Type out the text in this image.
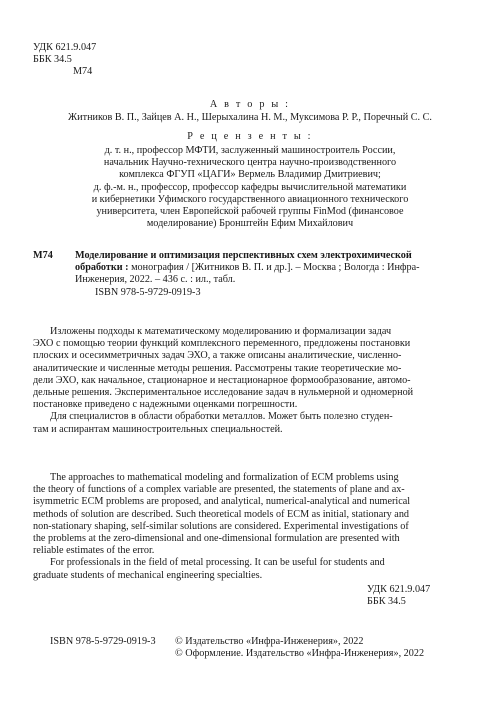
УДК 621.9.047
ББК 34.5
М74
А в т о р ы :
Житников В. П., Зайцев А. Н., Шерыхалина Н. М., Муксимова Р. Р., Поречный С. С.
Р е ц е н з е н т ы :
д. т. н., профессор МФТИ, заслуженный машиностроитель России,
начальник Научно-технического центра научно-производственного
комплекса ФГУП «ЦАГИ» Вермель Владимир Дмитриевич;
д. ф.-м. н., профессор, профессор кафедры вычислительной математики
и кибернетики Уфимского государственного авиационного технического
университета, член Европейской рабочей группы FinMod (финансовое
моделирование) Бронштейн Ефим Михайлович
М74 Моделирование и оптимизация перспективных схем электрохимической
обработки : монография / [Житников В. П. и др.]. – Москва ; Вологда : Инфра-
Инженерия, 2022. – 436 с. : ил., табл.
ISBN 978-5-9729-0919-3
Изложены подходы к математическому моделированию и формализации задач
ЭХО с помощью теории функций комплексного переменного, предложены постановки
плоских и осесимметричных задач ЭХО, а также описаны аналитические, численно-
аналитические и численные методы решения. Рассмотрены такие теоретические мо-
дели ЭХО, как начальное, стационарное и нестационарное формообразование, автомо-
дельные решения. Экспериментальное исследование задач в нульмерной и одномерной
постановке приведено с надежными оценками погрешности.
Для специалистов в области обработки металлов. Может быть полезно студен-
там и аспирантам машиностроительных специальностей.
The approaches to mathematical modeling and formalization of ECM problems using
the theory of functions of a complex variable are presented, the statements of plane and ax-
isymmetric ECM problems are proposed, and analytical, numerical-analytical and numerical
methods of solution are described. Such theoretical models of ECM as initial, stationary and
non-stationary shaping, self-similar solutions are considered. Experimental investigations of
the problems at the zero-dimensional and one-dimensional formulation are presented with
reliable estimates of the error.
For professionals in the field of metal processing. It can be useful for students and
graduate students of mechanical engineering specialties.
УДК 621.9.047
ББК 34.5
ISBN 978-5-9729-0919-3 © Издательство «Инфра-Инженерия», 2022
© Оформление. Издательство «Инфра-Инженерия», 2022
